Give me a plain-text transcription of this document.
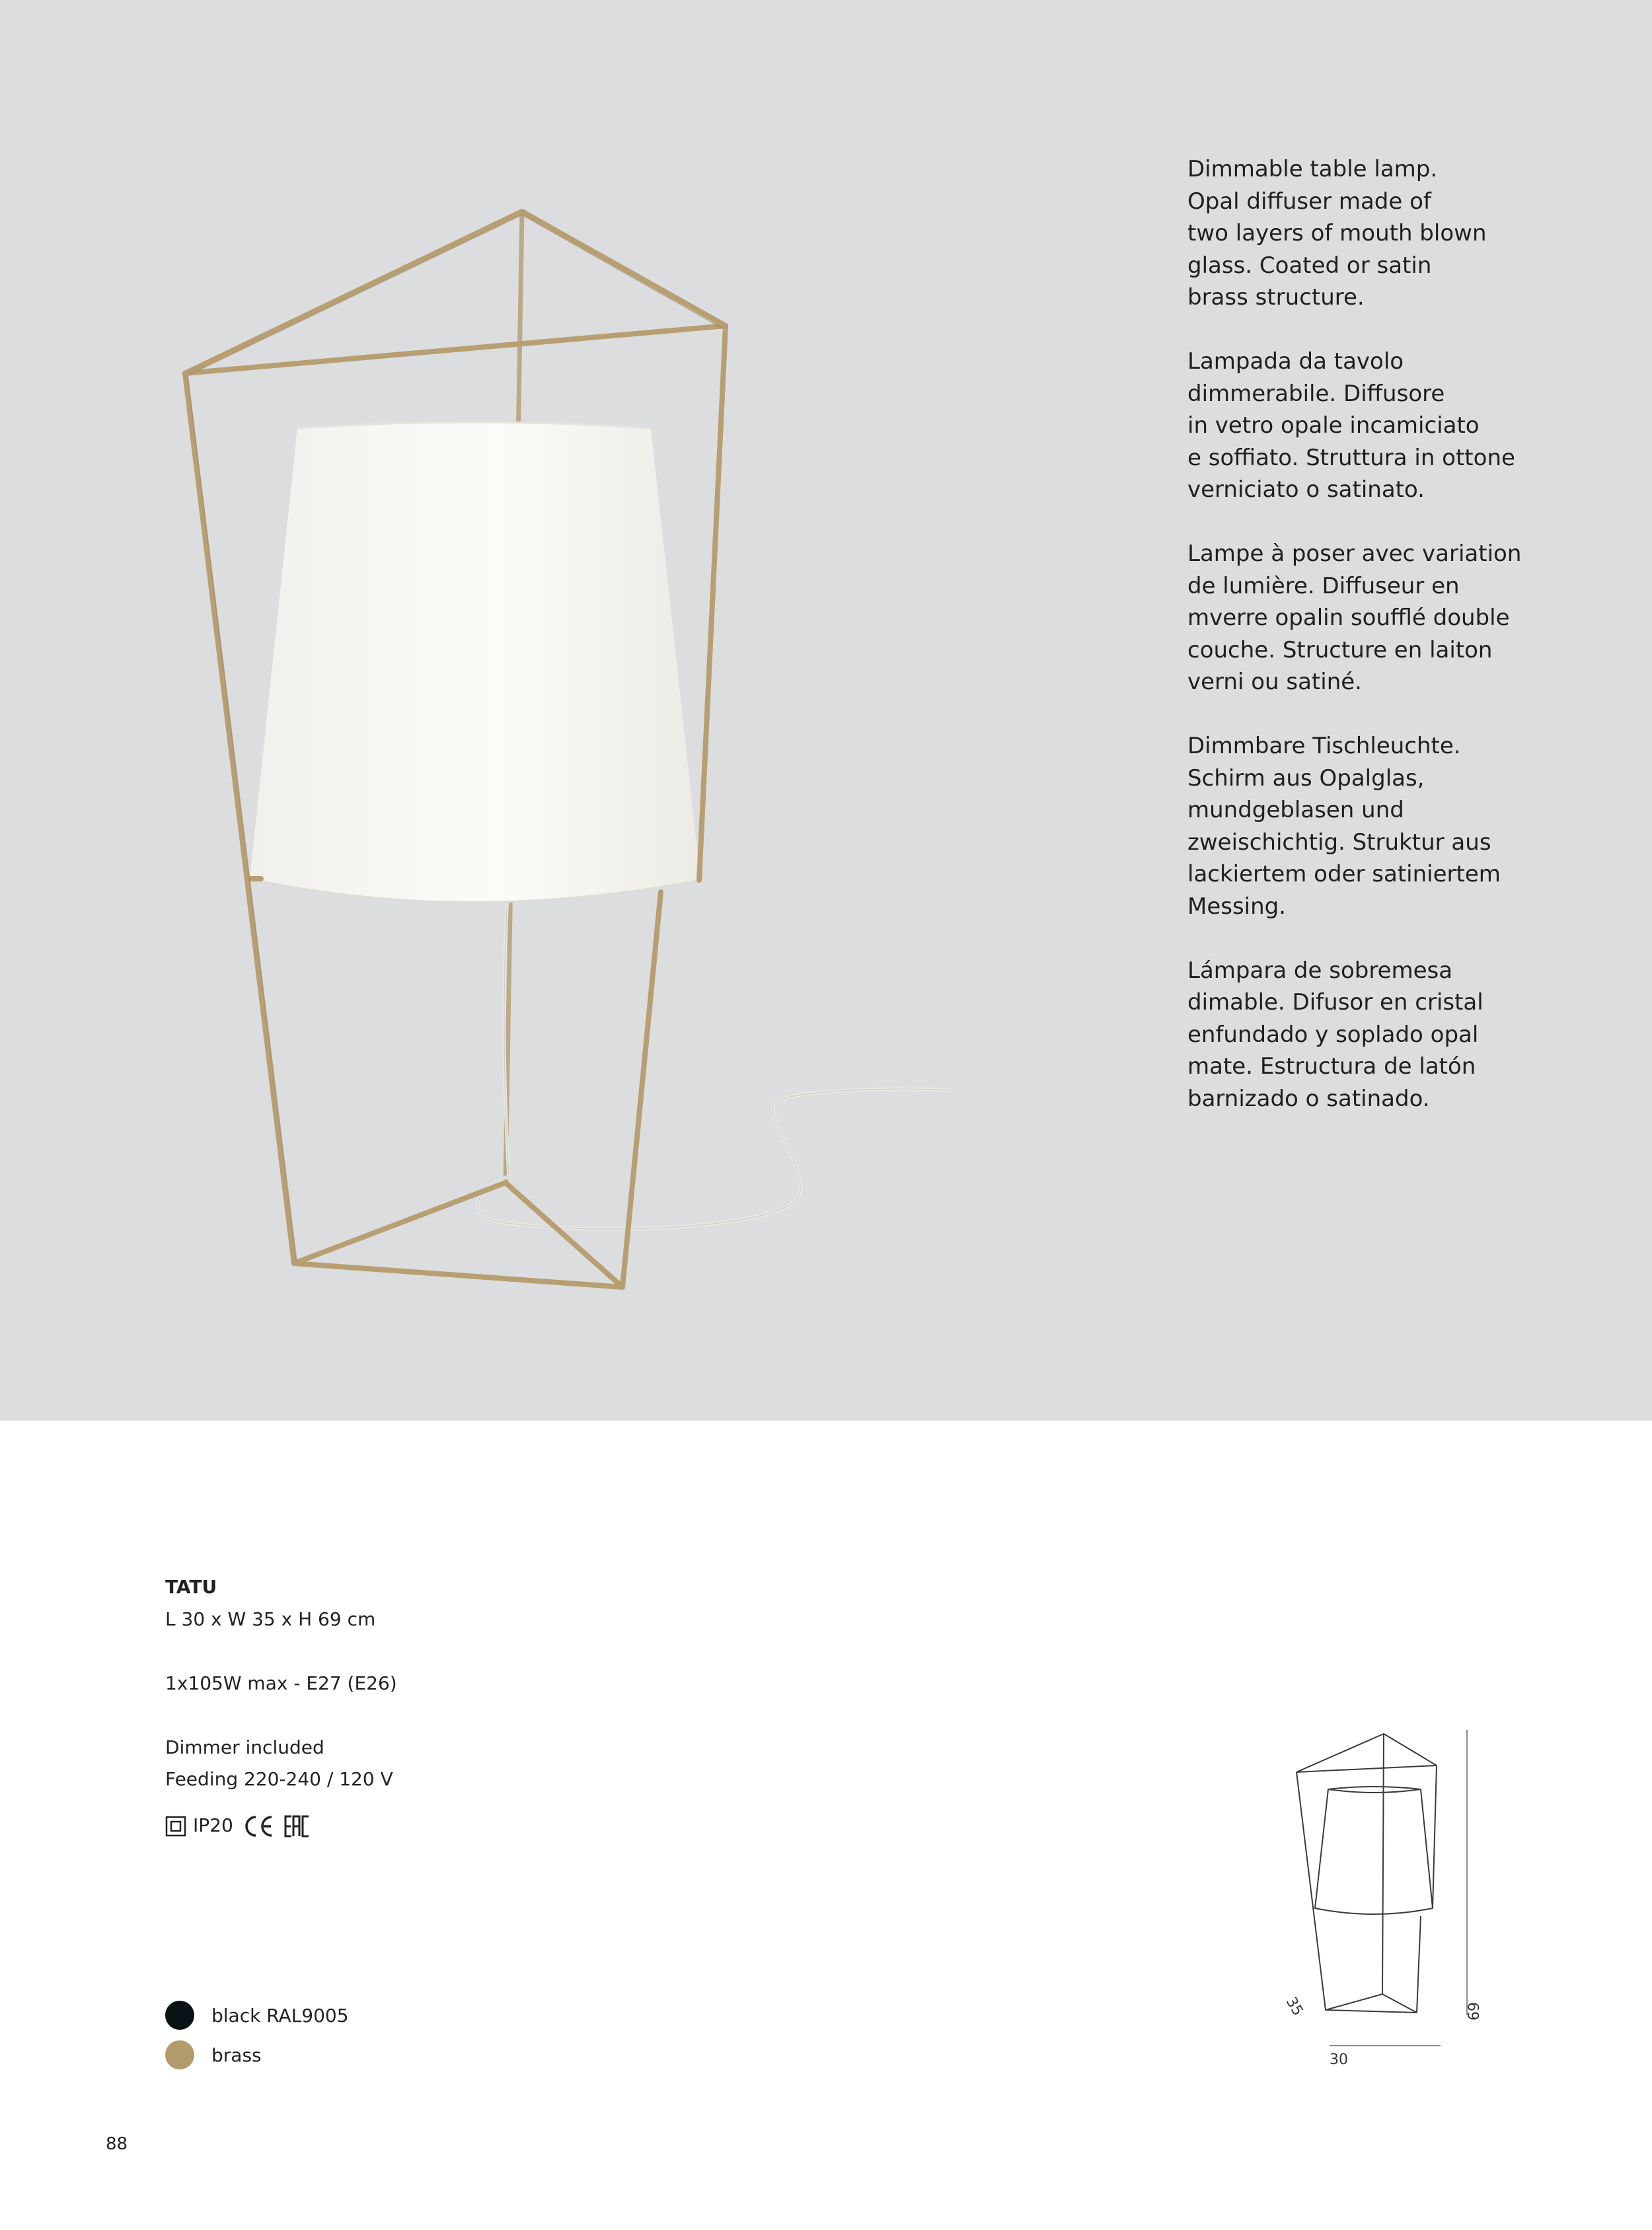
Dimmable table lamp.
Opal diffuser made of
two layers of mouth blown
glass. Coated or satin
brass structure.

Lampada da tavolo
dimmerabile. Diffusore
in vetro opale incamiciato
e soffiato. Struttura in ottone
verniciato o satinato.

Lampe à poser avec variation
de lumière. Diffuseur en
mverre opalin soufflé double
couche. Structure en laiton
verni ou satiné.

Dimmbare Tischleuchte.
Schirm aus Opalglas,
mundgeblasen und
zweischichtig. Struktur aus
lackiertem oder satiniertem
Messing.

Lámpara de sobremesa
dimable. Difusor en cristal
enfundado y soplado opal
mate. Estructura de latón
barnizado o satinado.

TATU
L 30 x W 35 x H 69 cm
1x105W max - E27 (E26)
Dimmer included
Feeding 220-240 / 120 V
IP20
black RAL9005
brass
35
30
69
88
